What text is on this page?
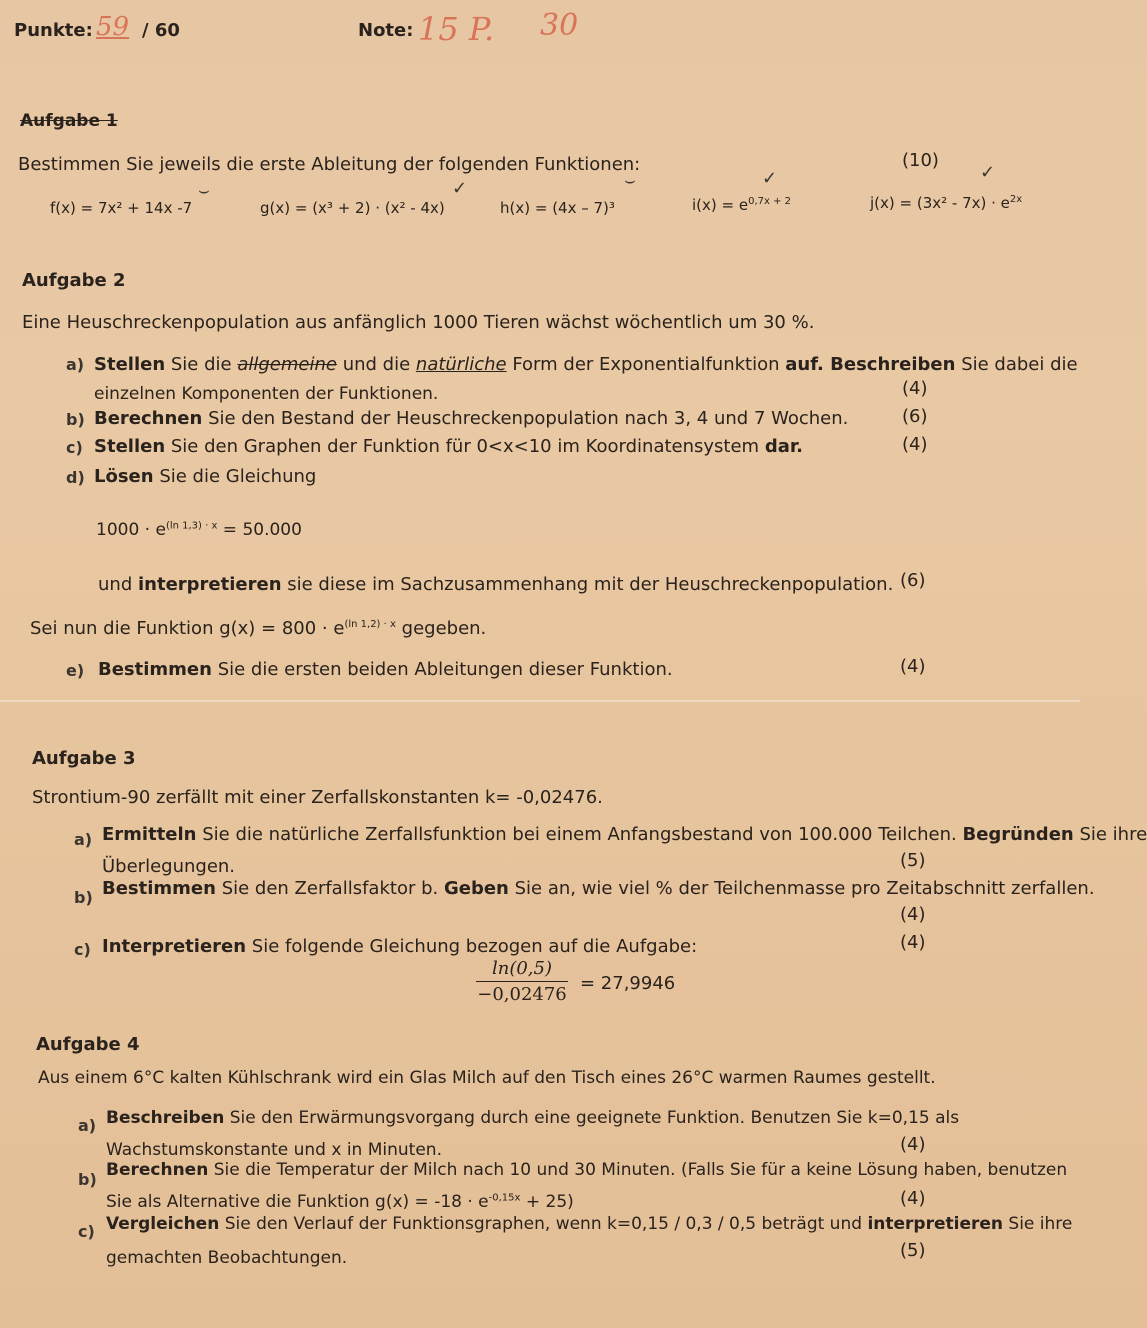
Punkte: 59 / 60	Note: 15 P. 30
Aufgabe 1
Bestimmen Sie jeweils die erste Ableitung der folgenden Funktionen:	(10)
f(x) = 7x² + 14x -7	g(x) = (x³ + 2) · (x² - 4x)	h(x) = (4x – 7)³	$i(x) = e^{0,7x + 2}$	$j(x) = (3x^2 - 7x) \cdot e^{2x}$
⌣	✓	⌣	✓	✓
Aufgabe 2
Eine Heuschreckenpopulation aus anfänglich 1000 Tieren wächst wöchentlich um 30 %.
a) Stellen Sie die allgemeine und die natürliche Form der Exponentialfunktion auf. Beschreiben Sie dabei die
einzelnen Komponenten der Funktionen.	(4)
b) Berechnen Sie den Bestand der Heuschreckenpopulation nach 3, 4 und 7 Wochen.	(6)
c) Stellen Sie den Graphen der Funktion für 0<x<10 im Koordinatensystem dar.	(4)
d) Lösen Sie die Gleichung
$1000 \cdot e^{(ln 1,3) \cdot x} = 50.000$
und interpretieren sie diese im Sachzusammenhang mit der Heuschreckenpopulation. (6)
Sei nun die Funktion $g(x) = 800 \cdot e^{(ln 1,2) \cdot x}$ gegeben.
e) Bestimmen Sie die ersten beiden Ableitungen dieser Funktion.	(4)
Aufgabe 3
Strontium-90 zerfällt mit einer Zerfallskonstanten k= -0,02476.
a) Ermitteln Sie die natürliche Zerfallsfunktion bei einem Anfangsbestand von 100.000 Teilchen. Begründen Sie ihre
Überlegungen.	(5)
b) Bestimmen Sie den Zerfallsfaktor b. Geben Sie an, wie viel % der Teilchenmasse pro Zeitabschnitt zerfallen.
(4)
c) Interpretieren Sie folgende Gleichung bezogen auf die Aufgabe:	(4)
ln(0,5)
−0,02476
= 27,9946
Aufgabe 4
Aus einem 6°C kalten Kühlschrank wird ein Glas Milch auf den Tisch eines 26°C warmen Raumes gestellt.
a) Beschreiben Sie den Erwärmungsvorgang durch eine geeignete Funktion. Benutzen Sie k=0,15 als
Wachstumskonstante und x in Minuten.	(4)
b) Berechnen Sie die Temperatur der Milch nach 10 und 30 Minuten. (Falls Sie für a keine Lösung haben, benutzen
Sie als Alternative die Funktion $g(x) = -18 \cdot e^{-0,15x} + 25$)	(4)
c) Vergleichen Sie den Verlauf der Funktionsgraphen, wenn k=0,15 / 0,3 / 0,5 beträgt und interpretieren Sie ihre
gemachten Beobachtungen.	(5)
